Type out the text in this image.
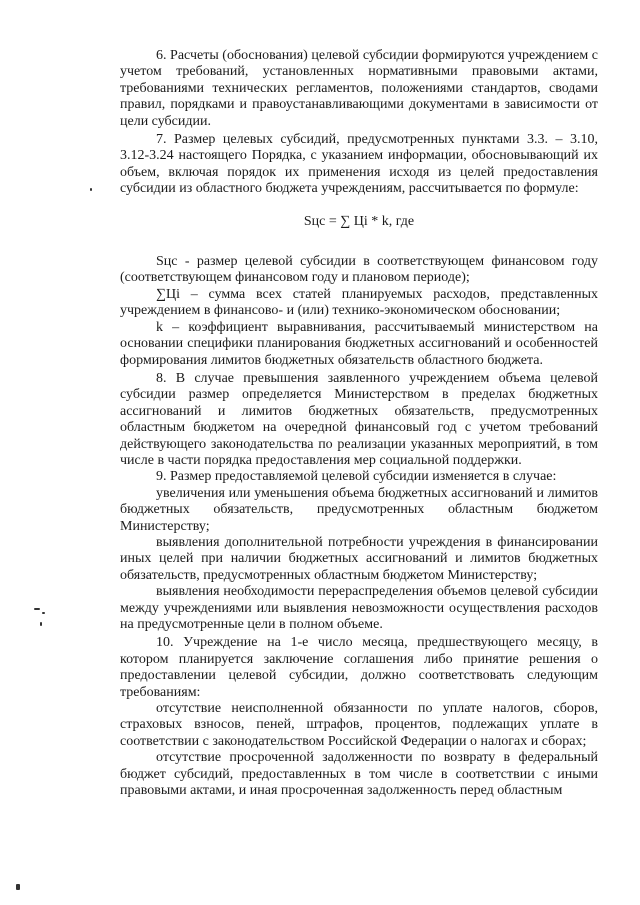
6. Расчеты (обоснования) целевой субсидии формируются учреждением с учетом требований, установленных нормативными правовыми актами, требованиями технических регламентов, положениями стандартов, сводами правил, порядками и правоустанавливающими документами в зависимости от цели субсидии.

7. Размер целевых субсидий, предусмотренных пунктами 3.3. – 3.10, 3.12-3.24 настоящего Порядка, с указанием информации, обосновывающий их объем, включая порядок их применения исходя из целей предоставления субсидии из областного бюджета учреждениям, рассчитывается по формуле:

Sцс = ∑ Цi * k, где

Sцс - размер целевой субсидии в соответствующем финансовом году (соответствующем финансовом году и плановом периоде);

∑Цi – сумма всех статей планируемых расходов, представленных учреждением в финансово- и (или) технико-экономическом обосновании;

k – коэффициент выравнивания, рассчитываемый министерством на основании специфики планирования бюджетных ассигнований и особенностей формирования лимитов бюджетных обязательств областного бюджета.

8. В случае превышения заявленного учреждением объема целевой субсидии размер определяется Министерством в пределах бюджетных ассигнований и лимитов бюджетных обязательств, предусмотренных областным бюджетом на очередной финансовый год с учетом требований действующего законодательства по реализации указанных мероприятий, в том числе в части порядка предоставления мер социальной поддержки.

9. Размер предоставляемой целевой субсидии изменяется в случае:

увеличения или уменьшения объема бюджетных ассигнований и лимитов бюджетных обязательств, предусмотренных областным бюджетом Министерству;

выявления дополнительной потребности учреждения в финансировании иных целей при наличии бюджетных ассигнований и лимитов бюджетных обязательств, предусмотренных областным бюджетом Министерству;

выявления необходимости перераспределения объемов целевой субсидии между учреждениями или выявления невозможности осуществления расходов на предусмотренные цели в полном объеме.

10. Учреждение на 1-е число месяца, предшествующего месяцу, в котором планируется заключение соглашения либо принятие решения о предоставлении целевой субсидии, должно соответствовать следующим требованиям:

отсутствие неисполненной обязанности по уплате налогов, сборов, страховых взносов, пеней, штрафов, процентов, подлежащих уплате в соответствии с законодательством Российской Федерации о налогах и сборах;

отсутствие просроченной задолженности по возврату в федеральный бюджет субсидий, предоставленных в том числе в соответствии с иными правовыми актами, и иная просроченная задолженность перед областным
